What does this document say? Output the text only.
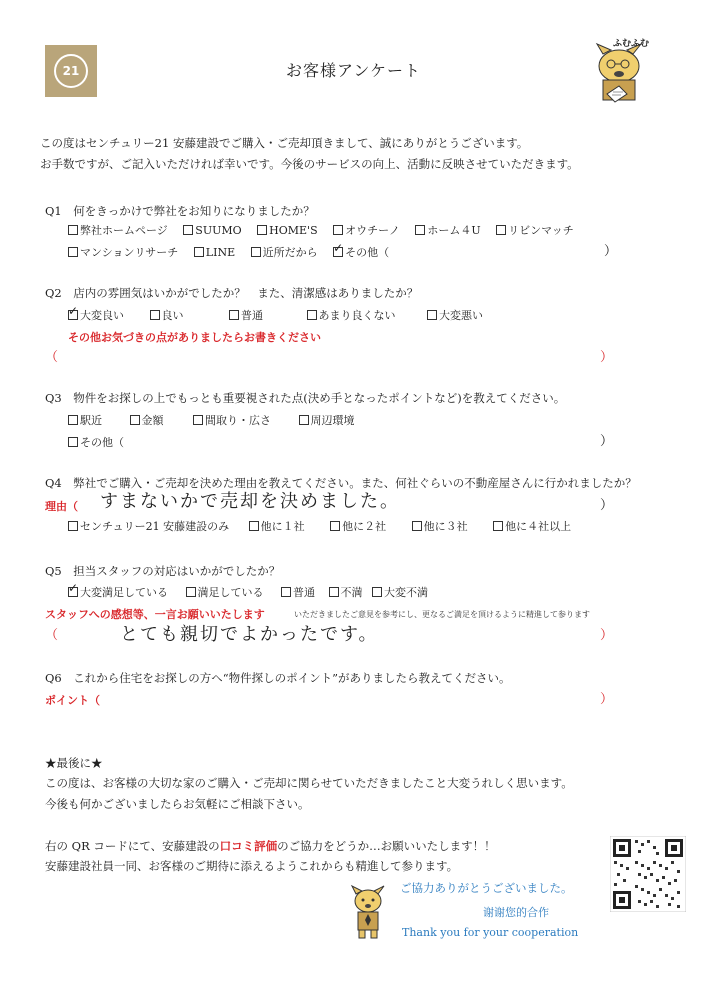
21	お客様アンケート
ふむふむ
この度はセンチュリー21 安藤建設でご購入・ご売却頂きまして、誠にありがとうございます。
お手数ですが、ご記入いただければ幸いです。今後のサービスの向上、活動に反映させていただきます。
Q1　何をきっかけで弊社をお知りになりましたか？
弊社ホームページ	SUUMO	HOME'S	オウチーノ	ホーム４U	リビンマッチ
マンションリサーチ	LINE	近所だから ✓	その他（	）
Q2　店内の雰囲気はいかがでしたか？　また、清潔感はありましたか？
✓大変良い	良い	普通	あまり良くない	大変悪い
その他お気づきの点がありましたらお書きください
（	）
Q3　物件をお探しの上でもっとも重要視された点(決め手となったポイントなど)を教えてください。
駅近	金額	間取り・広さ	周辺環境
その他（	）
Q4　弊社でご購入・ご売却を決めた理由を教えてください。また、何社ぐらいの不動産屋さんに行かれましたか？
理由（ すまないかで売却を決めました。	）
センチュリー21 安藤建設のみ	他に１社	他に２社	他に３社	他に４社以上
Q5　担当スタッフの対応はいかがでしたか？
✓大変満足している	満足している	普通 不満 大変不満
スタッフへの感想等、一言お願いいたします	いただきましたご意見を参考にし、更なるご満足を頂けるように精進して参ります
（	とても親切でよかったです。	）
Q6　これから住宅をお探しの方へ“物件探しのポイント”がありましたら教えてください。
ポイント（	）
★最後に★
この度は、お客様の大切な家のご購入・ご売却に関らせていただきましたこと大変うれしく思います。
今後も何かございましたらお気軽にご相談下さい。
右の QR コードにて、安藤建設の口コミ評価のご協力をどうか…お願いいたします！！
安藤建設社員一同、お客様のご期待に添えるようこれからも精進して参ります。
ご協力ありがとうございました。
谢谢您的合作
Thank you for your cooperation
